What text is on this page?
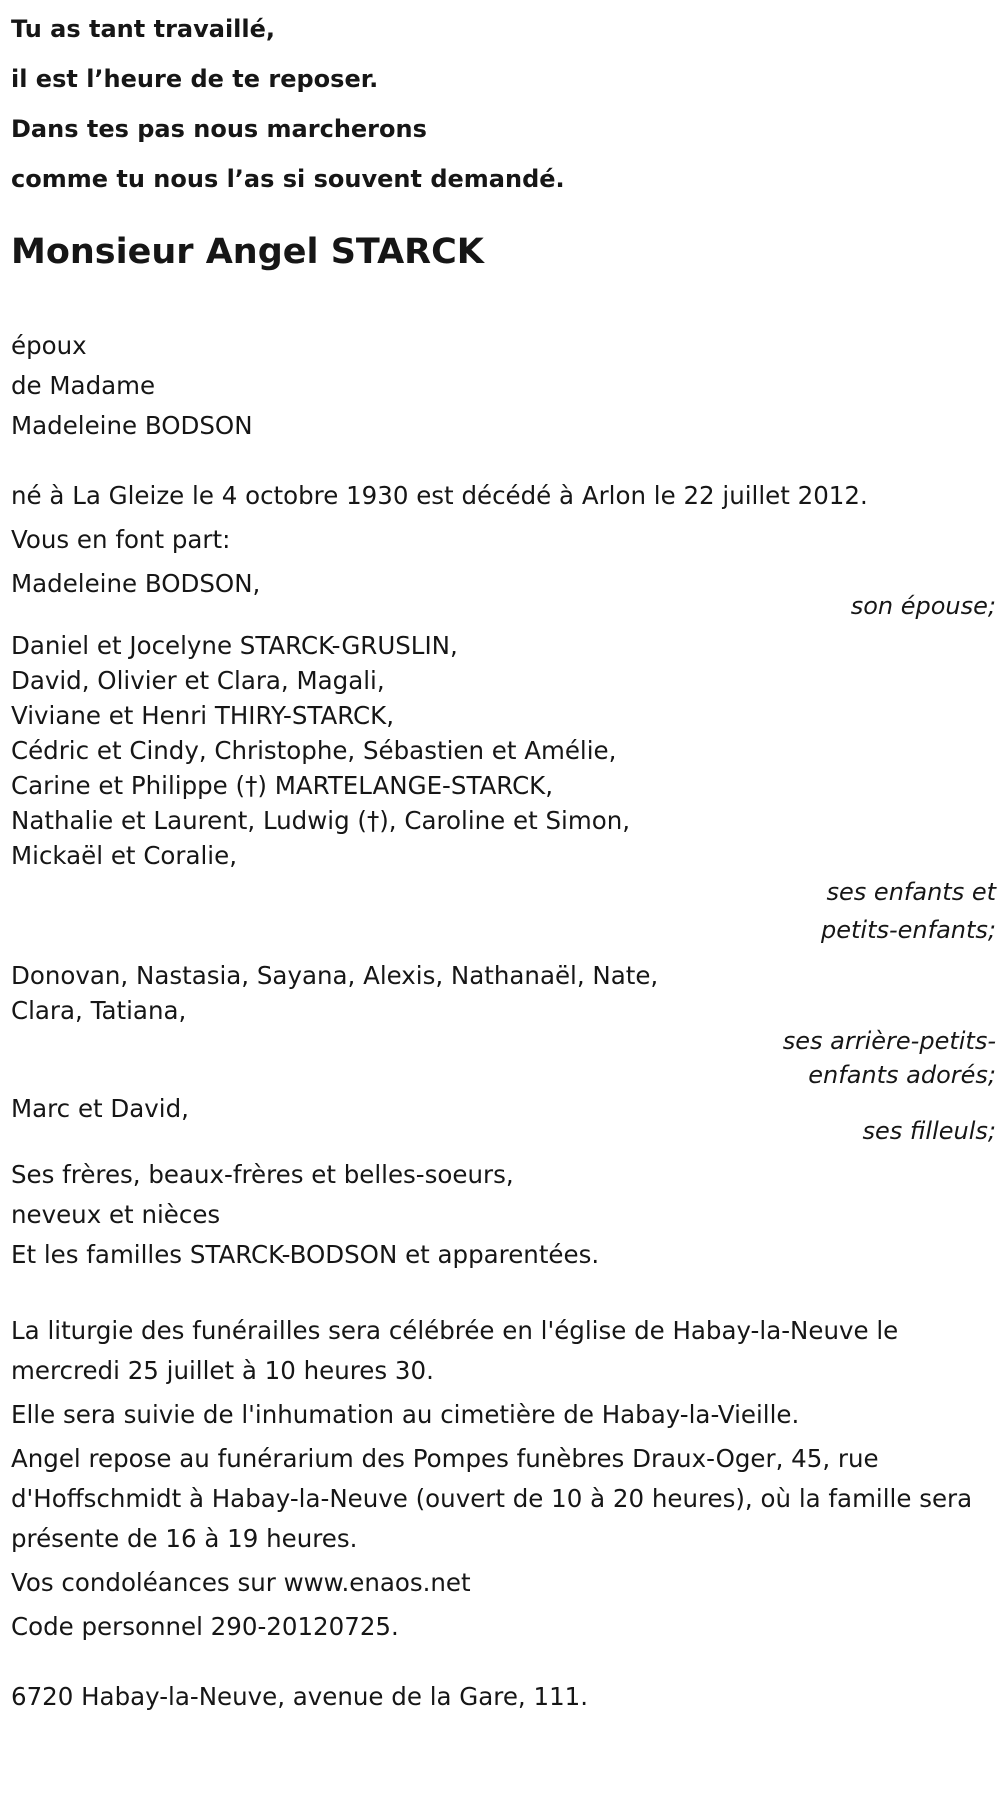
Tu as tant travaillé,
il est l’heure de te reposer.
Dans tes pas nous marcherons
comme tu nous l’as si souvent demandé.
Monsieur Angel STARCK
époux
de Madame
Madeleine BODSON
né à La Gleize le 4 octobre 1930 est décédé à Arlon le 22 juillet 2012.
Vous en font part:
Madeleine BODSON,
son épouse;
Daniel et Jocelyne STARCK-GRUSLIN,
David, Olivier et Clara, Magali,
Viviane et Henri THIRY-STARCK,
Cédric et Cindy, Christophe, Sébastien et Amélie,
Carine et Philippe (†) MARTELANGE-STARCK,
Nathalie et Laurent, Ludwig (†), Caroline et Simon,
Mickaël et Coralie,
ses enfants et
petits-enfants;
Donovan, Nastasia, Sayana, Alexis, Nathanaël, Nate,
Clara, Tatiana,
ses arrière-petits-
enfants adorés;
Marc et David,
ses filleuls;
Ses frères, beaux-frères et belles-soeurs,
neveux et nièces
Et les familles STARCK-BODSON et apparentées.
La liturgie des funérailles sera célébrée en l'église de Habay-la-Neuve le mercredi 25 juillet à 10 heures 30.
Elle sera suivie de l'inhumation au cimetière de Habay-la-Vieille.
Angel repose au funérarium des Pompes funèbres Draux-Oger, 45, rue d'Hoffschmidt à Habay-la-Neuve (ouvert de 10 à 20 heures), où la famille sera présente de 16 à 19 heures.
Vos condoléances sur www.enaos.net
Code personnel 290-20120725.
6720 Habay-la-Neuve, avenue de la Gare, 111.
